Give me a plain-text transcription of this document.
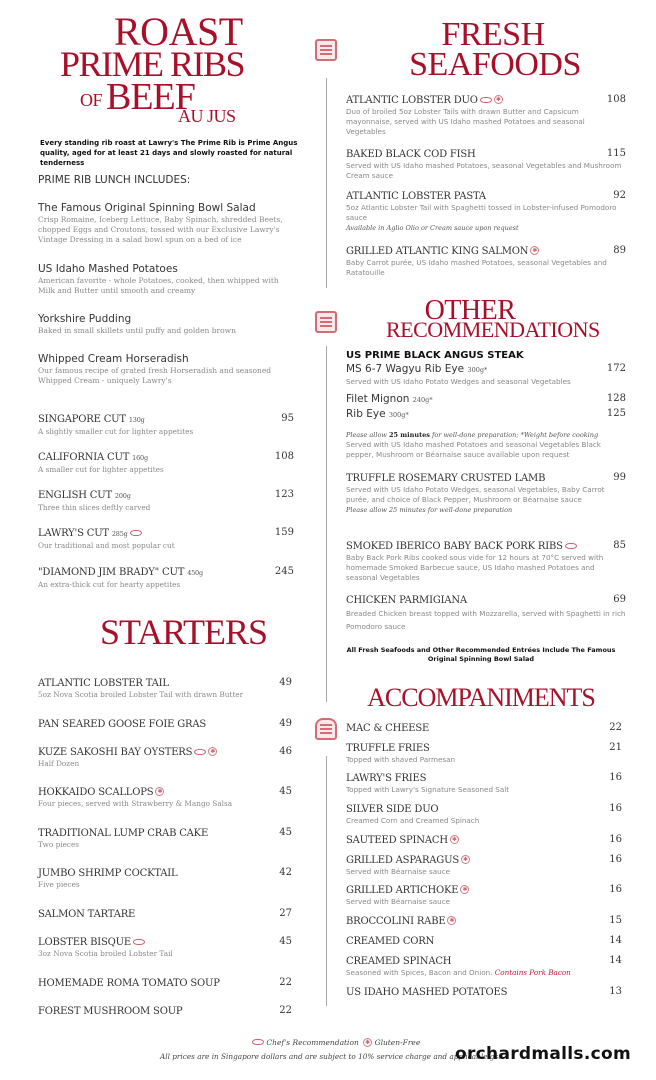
ROAST
PRIME RIBS
OF BEEF
AU JUS
Every standing rib roast at Lawry's The Prime Rib is Prime Angus quality, aged for at least 21 days and slowly roasted for natural tenderness
PRIME RIB LUNCH INCLUDES:
The Famous Original Spinning Bowl Salad
Crisp Romaine, Iceberg Lettuce, Baby Spinach, shredded Beets, chopped Eggs and Croutons, tossed with our Exclusive Lawry's Vintage Dressing in a salad bowl spun on a bed of ice
US Idaho Mashed Potatoes
American favorite - whole Potatoes, cooked, then whipped with Milk and Butter until smooth and creamy
Yorkshire Pudding
Baked in small skillets until puffy and golden brown
Whipped Cream Horseradish
Our famous recipe of grated fresh Horseradish and seasoned Whipped Cream - uniquely Lawry's
SINGAPORE CUT 130g	95
A slightly smaller cut for lighter appetites
CALIFORNIA CUT 160g	108
A smaller cut for lighter appetites
ENGLISH CUT 200g	123
Three thin slices deftly carved
LAWRY'S CUT 285g	159
Our traditional and most popular cut
"DIAMOND JIM BRADY" CUT 450g	245
An extra-thick cut for hearty appetites
STARTERS
ATLANTIC LOBSTER TAIL	49
5oz Nova Scotia broiled Lobster Tail with drawn Butter
PAN SEARED GOOSE FOIE GRAS	49
KUZE SAKOSHI BAY OYSTERS	✱	46
Half Dozen
HOKKAIDO SCALLOPS ✱	45
Four pieces, served with Strawberry & Mango Salsa
TRADITIONAL LUMP CRAB CAKE	45
Two pieces
JUMBO SHRIMP COCKTAIL	42
Five pieces
SALMON TARTARE	27
LOBSTER BISQUE	45
3oz Nova Scotia broiled Lobster Tail
HOMEMADE ROMA TOMATO SOUP	22
FOREST MUSHROOM SOUP	22
FRESH
SEAFOODS
ATLANTIC LOBSTER DUO	✱	108
Duo of broiled 5oz Lobster Tails with drawn Butter and Capsicum mayonnaise, served with US Idaho mashed Potatoes and seasonal Vegetables
BAKED BLACK COD FISH	115
Served with US Idaho mashed Potatoes, seasonal Vegetables and Mushroom Cream sauce
ATLANTIC LOBSTER PASTA	92
5oz Atlantic Lobster Tail with Spaghetti tossed in Lobster-infused Pomodoro sauce
Available in Aglio Olio or Cream sauce upon request
GRILLED ATLANTIC KING SALMON ✱	89
Baby Carrot purée, US Idaho mashed Potatoes, seasonal Vegetables and Ratatouille
OTHER
RECOMMENDATIONS
US PRIME BLACK ANGUS STEAK
MS 6-7 Wagyu Rib Eye 300g*	172
Served with US Idaho Potato Wedges and seasonal Vegetables
Filet Mignon 240g*	128
Rib Eye 300g*	125
Please allow 25 minutes for well-done preparation; *Weight before cooking
Served with US Idaho mashed Potatoes and seasonal Vegetables Black pepper, Mushroom or Béarnaise sauce available upon request
TRUFFLE ROSEMARY CRUSTED LAMB	99
Served with US Idaho Potato Wedges, seasonal Vegetables, Baby Carrot purée, and choice of Black Pepper, Mushroom or Béarnaise sauce
Please allow 25 minutes for well-done preparation
SMOKED IBERICO BABY BACK PORK RIBS	85
Baby Back Pork Ribs cooked sous vide for 12 hours at 70°C served with homemade Smoked Barbecue sauce, US Idaho mashed Potatoes and seasonal Vegetables
CHICKEN PARMIGIANA	69
Breaded Chicken breast topped with Mozzarella, served with Spaghetti in rich Pomodoro sauce
All Fresh Seafoods and Other Recommended Entrées Include The Famous Original Spinning Bowl Salad
ACCOMPANIMENTS
MAC & CHEESE	22
TRUFFLE FRIES	21
Topped with shaved Parmesan
LAWRY'S FRIES	16
Topped with Lawry's Signature Seasoned Salt
SILVER SIDE DUO	16
Creamed Corn and Creamed Spinach
SAUTEED SPINACH ✱	16
GRILLED ASPARAGUS ✱	16
Served with Béarnaise sauce
GRILLED ARTICHOKE ✱	16
Served with Béarnaise sauce
BROCCOLINI RABE ✱	15
CREAMED CORN	14
CREAMED SPINACH	14
Seasoned with Spices, Bacon and Onion. Contains Pork Bacon
US IDAHO MASHED POTATOES	13
Chef's Recommendation ✱ Gluten-Free
All prices are in Singapore dollars and are subject to 10% service charge and applicable gst
orchardmalls.com
